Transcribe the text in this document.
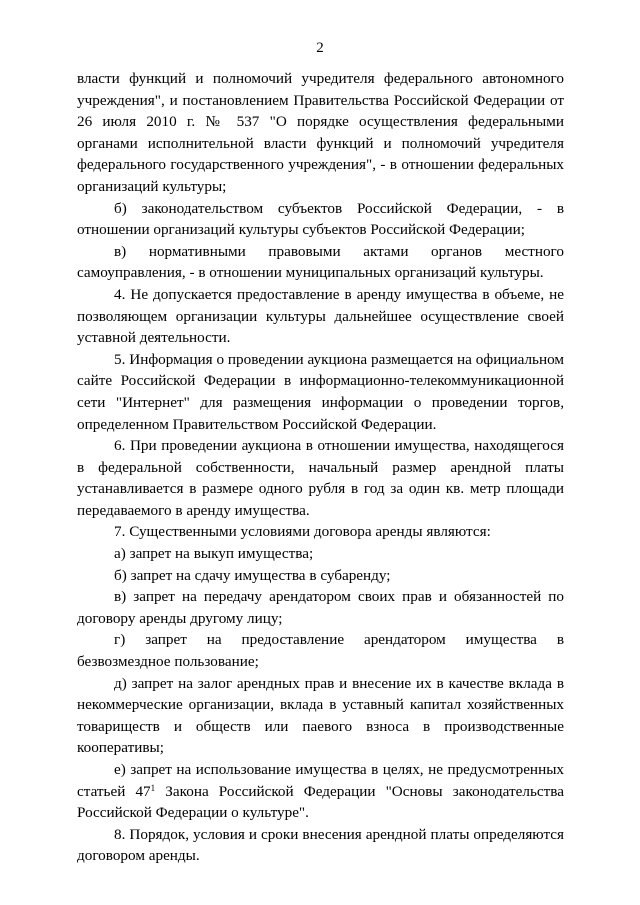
2

власти функций и полномочий учредителя федерального автономного учреждения", и постановлением Правительства Российской Федерации от 26 июля 2010 г. № 537 "О порядке осуществления федеральными органами исполнительной власти функций и полномочий учредителя федерального государственного учреждения", - в отношении федеральных организаций культуры;

б) законодательством субъектов Российской Федерации, - в отношении организаций культуры субъектов Российской Федерации;

в) нормативными правовыми актами органов местного самоуправления, - в отношении муниципальных организаций культуры.

4. Не допускается предоставление в аренду имущества в объеме, не позволяющем организации культуры дальнейшее осуществление своей уставной деятельности.

5. Информация о проведении аукциона размещается на официальном сайте Российской Федерации в информационно-телекоммуникационной сети "Интернет" для размещения информации о проведении торгов, определенном Правительством Российской Федерации.

6. При проведении аукциона в отношении имущества, находящегося в федеральной собственности, начальный размер арендной платы устанавливается в размере одного рубля в год за один кв. метр площади передаваемого в аренду имущества.

7. Существенными условиями договора аренды являются:

а) запрет на выкуп имущества;

б) запрет на сдачу имущества в субаренду;

в) запрет на передачу арендатором своих прав и обязанностей по договору аренды другому лицу;

г) запрет на предоставление арендатором имущества в безвозмездное пользование;

д) запрет на залог арендных прав и внесение их в качестве вклада в некоммерческие организации, вклада в уставный капитал хозяйственных товариществ и обществ или паевого взноса в производственные кооперативы;

е) запрет на использование имущества в целях, не предусмотренных статьей $47^1$ Закона Российской Федерации "Основы законодательства Российской Федерации о культуре".

8. Порядок, условия и сроки внесения арендной платы определяются договором аренды.
